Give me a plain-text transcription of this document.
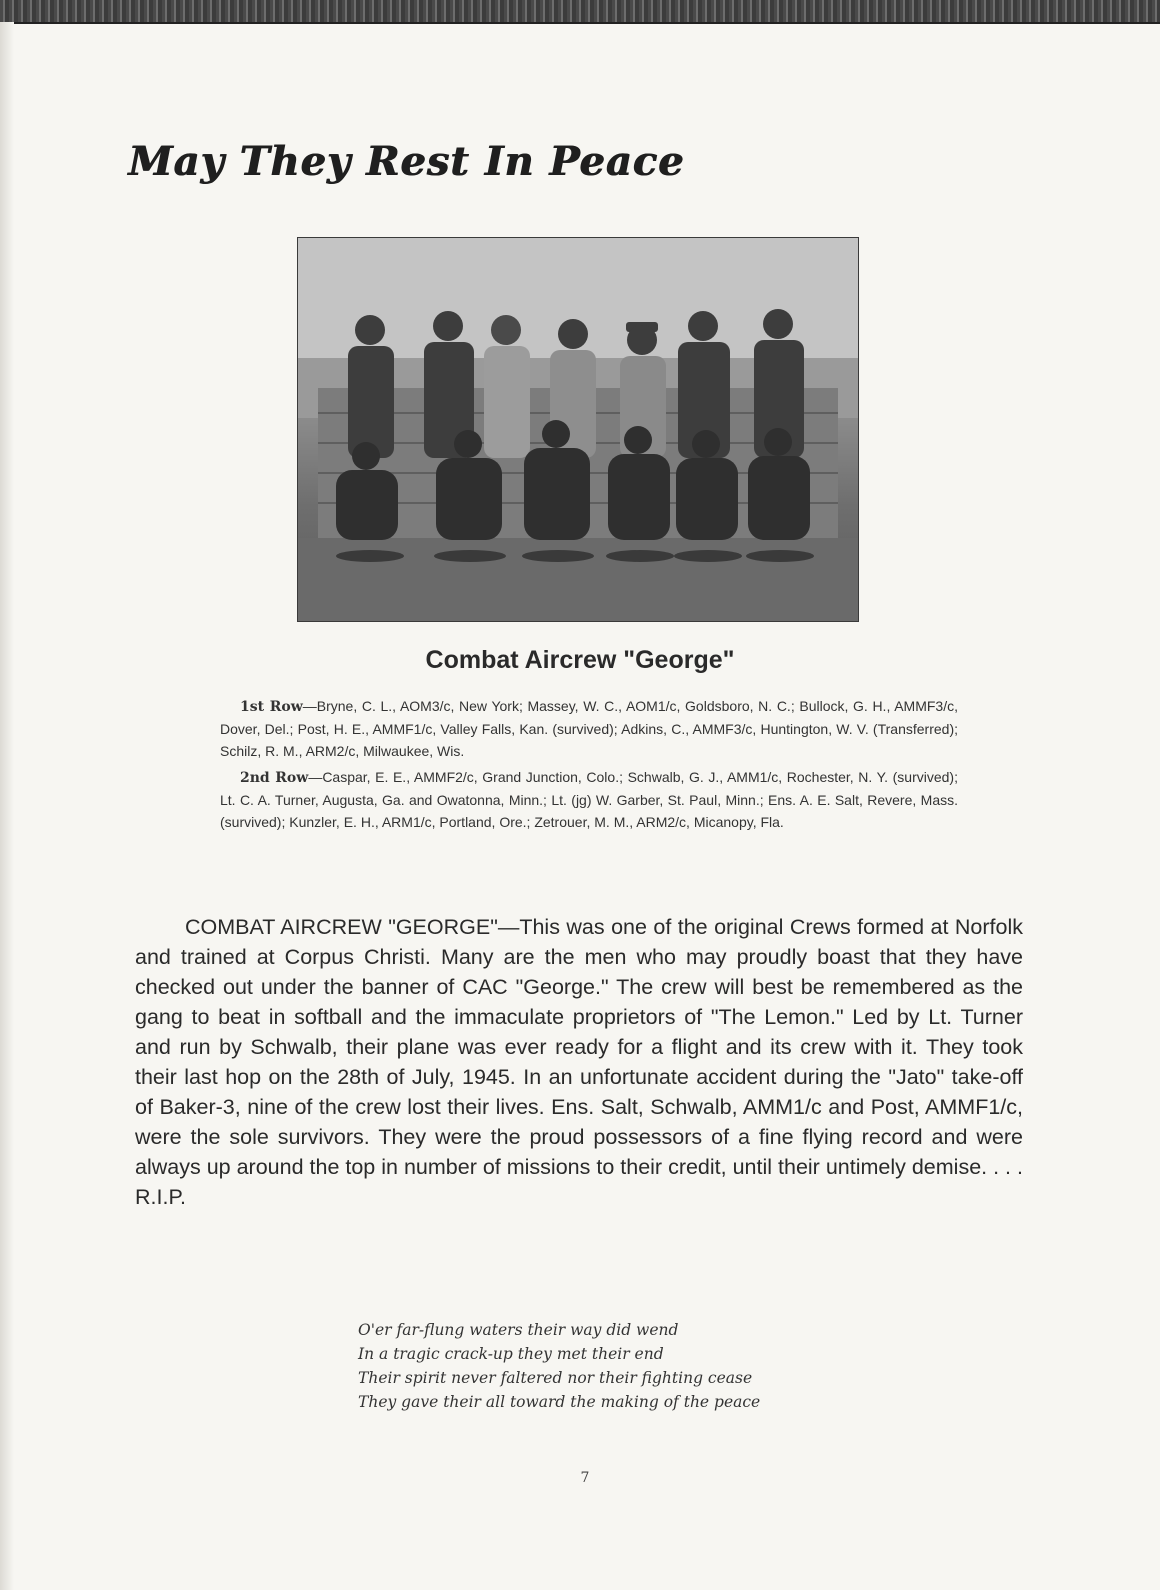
May They Rest In Peace
Combat Aircrew "George"

1st Row—Bryne, C. L., AOM3/c, New York; Massey, W. C., AOM1/c, Goldsboro, N. C.; Bullock, G. H., AMMF3/c, Dover, Del.; Post, H. E., AMMF1/c, Valley Falls, Kan. (survived); Adkins, C., AMMF3/c, Huntington, W. V. (Transferred); Schilz, R. M., ARM2/c, Milwaukee, Wis.

2nd Row—Caspar, E. E., AMMF2/c, Grand Junction, Colo.; Schwalb, G. J., AMM1/c, Rochester, N. Y. (survived); Lt. C. A. Turner, Augusta, Ga. and Owatonna, Minn.; Lt. (jg) W. Garber, St. Paul, Minn.; Ens. A. E. Salt, Revere, Mass. (survived); Kunzler, E. H., ARM1/c, Portland, Ore.; Zetrouer, M. M., ARM2/c, Micanopy, Fla.

COMBAT AIRCREW "GEORGE"—This was one of the original Crews formed at Norfolk and trained at Corpus Christi. Many are the men who may proudly boast that they have checked out under the banner of CAC "George." The crew will best be remembered as the gang to beat in softball and the immaculate proprietors of "The Lemon." Led by Lt. Turner and run by Schwalb, their plane was ever ready for a flight and its crew with it. They took their last hop on the 28th of July, 1945. In an unfortunate accident during the "Jato" take-off of Baker-3, nine of the crew lost their lives. Ens. Salt, Schwalb, AMM1/c and Post, AMMF1/c, were the sole survivors. They were the proud possessors of a fine flying record and were always up around the top in number of missions to their credit, until their untimely demise. . . . R.I.P.

O'er far-flung waters their way did wend
In a tragic crack-up they met their end
Their spirit never faltered nor their fighting cease
They gave their all toward the making of the peace
7
